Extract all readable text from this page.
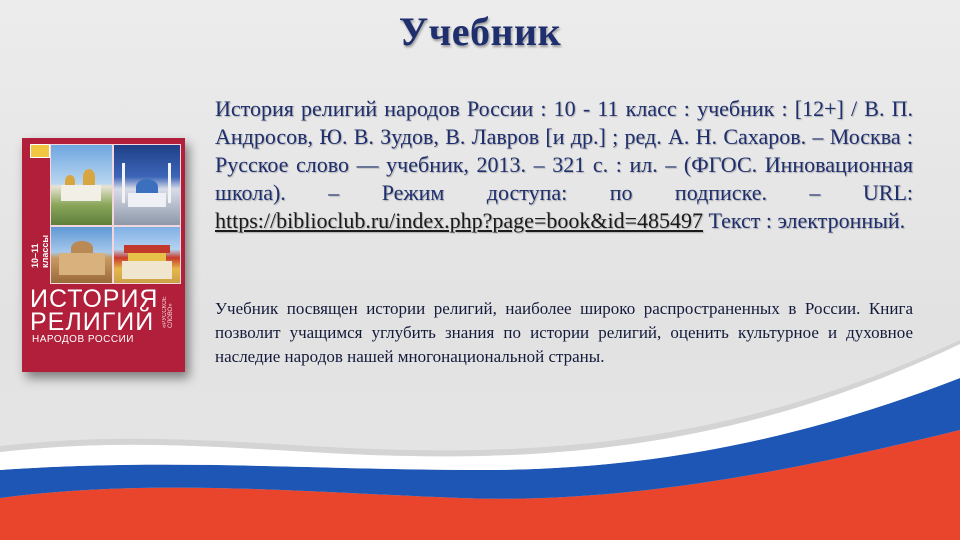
Учебник
10–11 классы
ИСТОРИЯ
РЕЛИГИЙ
НАРОДОВ РОССИИ
«РУССКОЕ СЛОВО»
История религий народов России : 10 - 11 класс : учебник : [12+] / В. П. Андросов, Ю. В. Зудов, В. Лавров [и др.] ; ред. А. Н. Сахаров. – Москва : Русское слово — учебник, 2013. – 321 с. : ил. – (ФГОС. Инновационная школа). – Режим доступа: по подписке. – URL: https://biblioclub.ru/index.php?page=book&id=485497 Текст : электронный.
Учебник посвящен истории религий, наиболее широко распространенных в России. Книга позволит учащимся углубить знания по истории религий, оценить культурное и духовное наследие народов нашей многонациональной страны.
